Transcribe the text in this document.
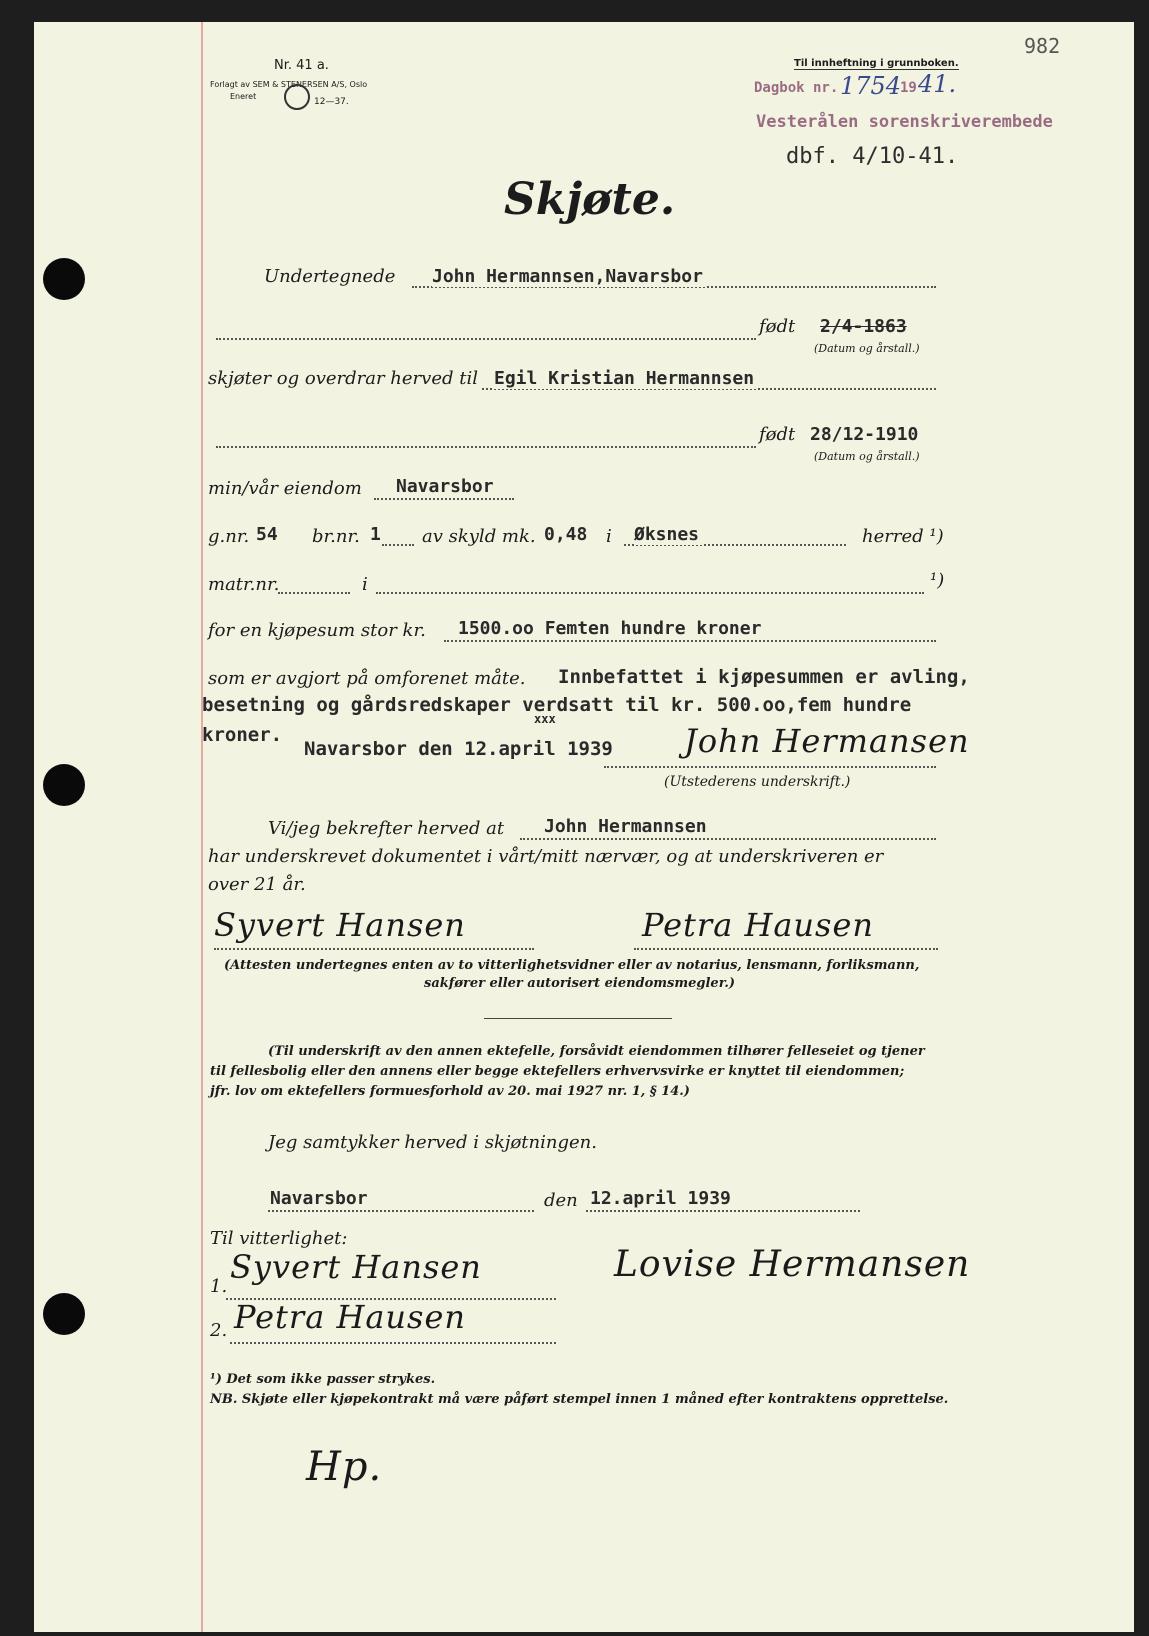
982
Nr. 41 a.
Forlagt av SEM & STENERSEN A/S, Oslo
Eneret
12—37.
Til innheftning i grunnboken.
Dagbok nr. 1754
19 41.
Vesterålen sorenskriverembede
dbf. 4/10-41.
Skjøte.
Undertegnede John Hermannsen,Navarsbor
født 2/4-1863
(Datum og årstall.)
skjøter og overdrar herved til Egil Kristian Hermannsen
født 28/12-1910
(Datum og årstall.)
min/vår eiendom Navarsbor
g.nr. 54 br.nr. 1 av skyld mk. 0,48 i Øksnes	herred ¹)
matr.nr.	i	¹)
for en kjøpesum stor kr. 1500.oo Femten hundre kroner
som er avgjort på omforenet måte. Innbefattet i kjøpesummen er avling,
besetning og gårdsredskaper verdsatt til kr. 500.oo,fem hundre
xxx
kroner.
Navarsbor den 12.april 1939 John Hermansen
(Utstederens underskrift.)
Vi/jeg bekrefter herved at John Hermannsen
har underskrevet dokumentet i vårt/mitt nærvær, og at underskriveren er
over 21 år.
Syvert Hansen	Petra Hausen
(Attesten undertegnes enten av to vitterlighetsvidner eller av notarius, lensmann, forliksmann,
sakfører eller autorisert eiendomsmegler.)
(Til underskrift av den annen ektefelle, forsåvidt eiendommen tilhører felleseiet og tjener
til fellesbolig eller den annens eller begge ektefellers erhvervsvirke er knyttet til eiendommen;
jfr. lov om ektefellers formuesforhold av 20. mai 1927 nr. 1, § 14.)
Jeg samtykker herved i skjøtningen.
Navarsbor	den 12.april 1939
Til vitterlighet:
1.
Syvert Hansen	Lovise Hermansen
2. Petra Hausen
¹) Det som ikke passer strykes.
NB. Skjøte eller kjøpekontrakt må være påført stempel innen 1 måned efter kontraktens opprettelse.
Hp.
